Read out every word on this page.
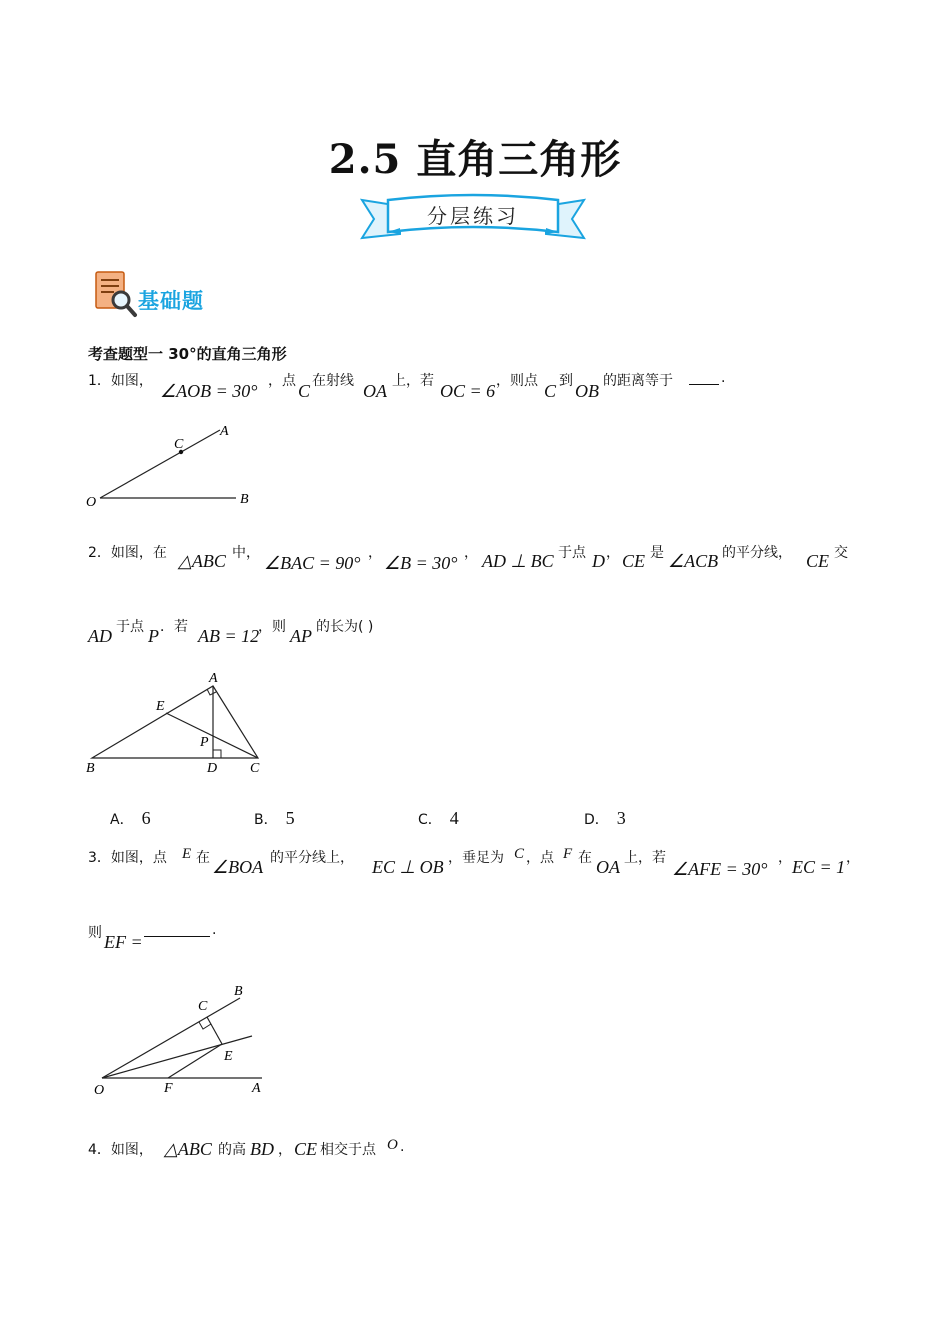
2.5 直角三角形
分层练习
基础题
考查题型一 30°的直角三角形
1．如图， ∠AOB = 30° ，点 C 在射线 OA 上，若 OC = 6 ，则点 C 到 OB 的距离等于	.
O	B
A
C
2．如图，在 △ABC 中， ∠BAC = 90° ， ∠B = 30° ， AD ⊥ BC 于点 D ， CE 是 ∠ACB 的平分线， CE 交
AD 于点 P ．若 AB = 12
，则 AP 的长为( )
A
E
P
B	D C
A． 6	B． 5	C． 4	D． 3
3．如图，点 E 在 ∠BOA 的平分线上， EC ⊥ OB ，垂足为 C ，点 F 在 OA 上，若
∠AFE = 30°
， EC = 1 ，
则 EF =
.
B
C
E
O	F	A
4．如图， △ABC 的高 BD ， CE 相交于点 O .
